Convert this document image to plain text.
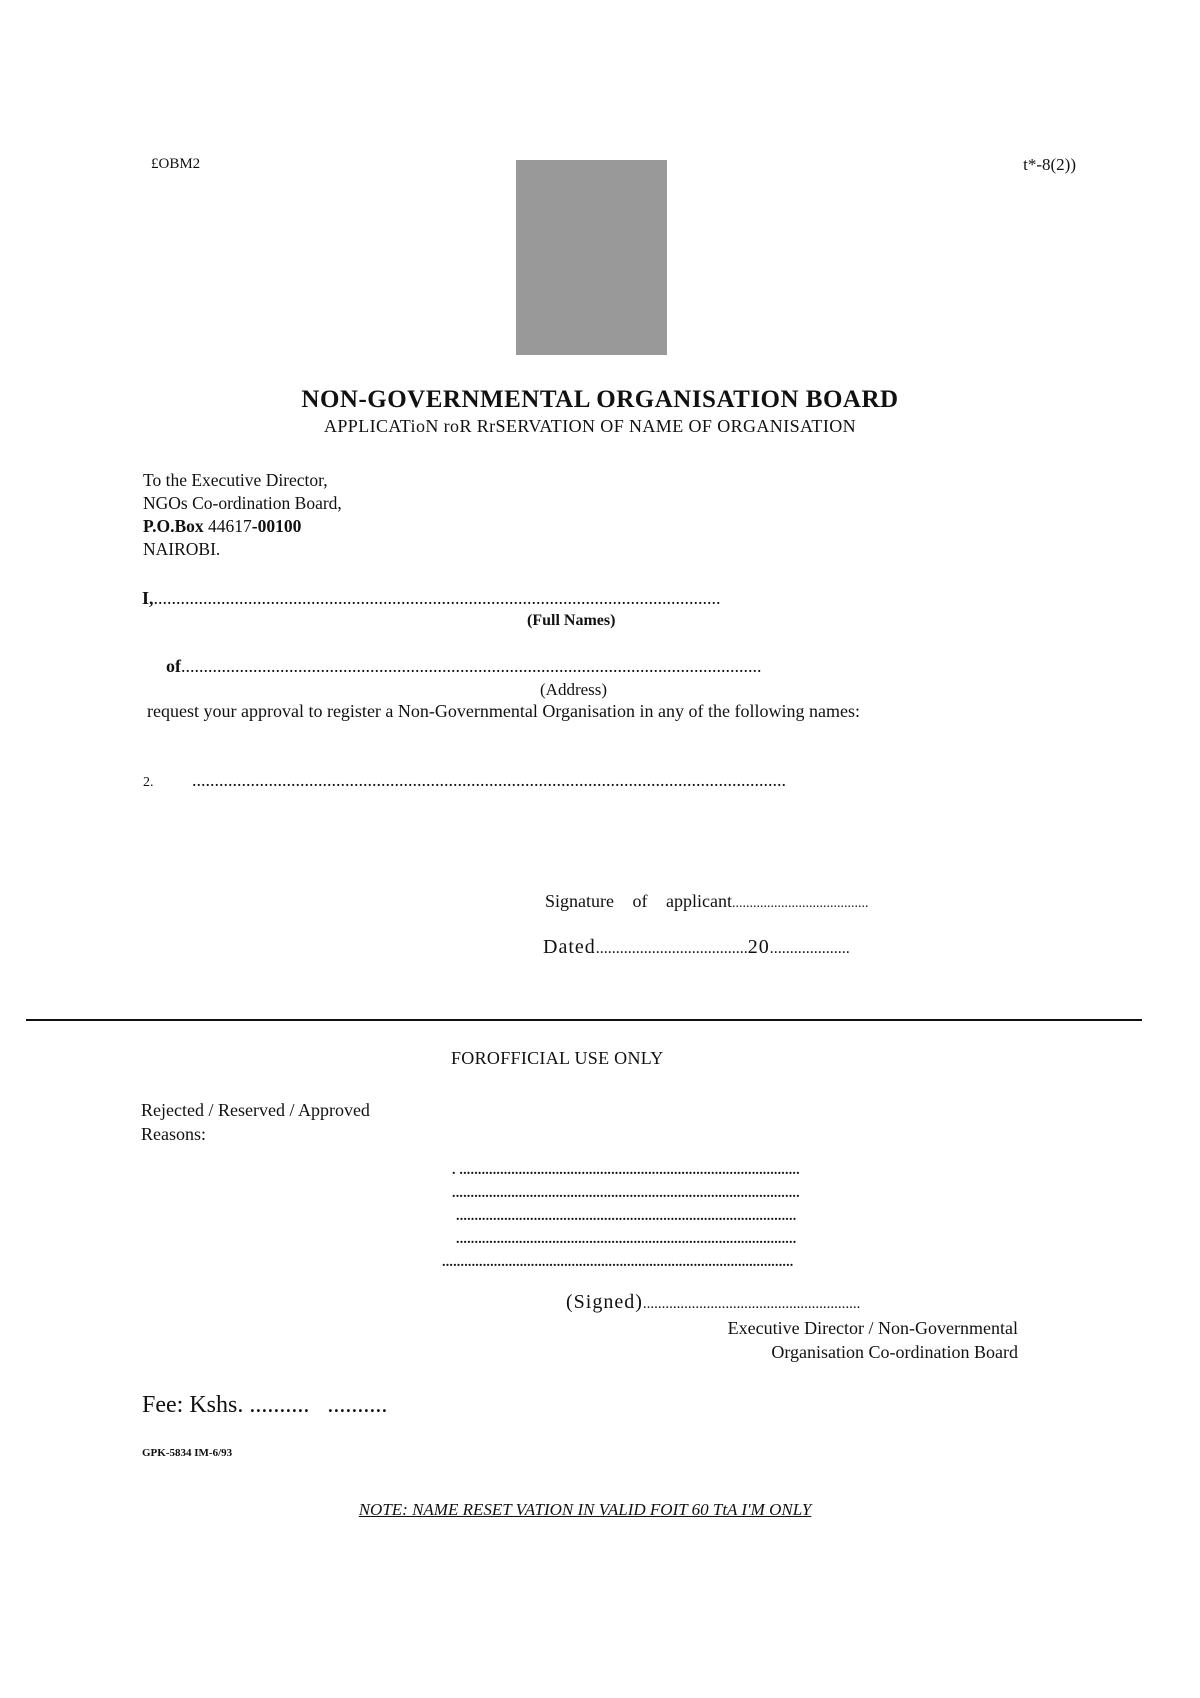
£OBM2	t*-8(2))
NON-GOVERNMENTAL ORGANISATION BOARD
APPLICATioN roR RrSERVATION OF NAME OF ORGANISATION
To the Executive Director,
NGOs Co-ordination Board,
P.O.Box 44617-00100
NAIROBI.
I,..............................................................................................................................
(Full Names)
of.................................................................................................................................
(Address)
request your approval to register a Non-Governmental Organisation in any of the following names:
2. ....................................................................................................................................
Signature of applicant.......................................
Dated......................................20....................
FOROFFICIAL USE ONLY
Rejected / Reserved / Approved
Reasons:
. ............................................................................................
..............................................................................................
............................................................................................
............................................................................................
...............................................................................................
(Signed)..........................................................
Executive Director / Non-Governmental
Organisation Co-ordination Board
Fee: Kshs. .......... ..........
GPK-5834 IM-6/93
NOTE: NAME RESET VATION IN VALID FOIT 60 TtA I'M ONLY
